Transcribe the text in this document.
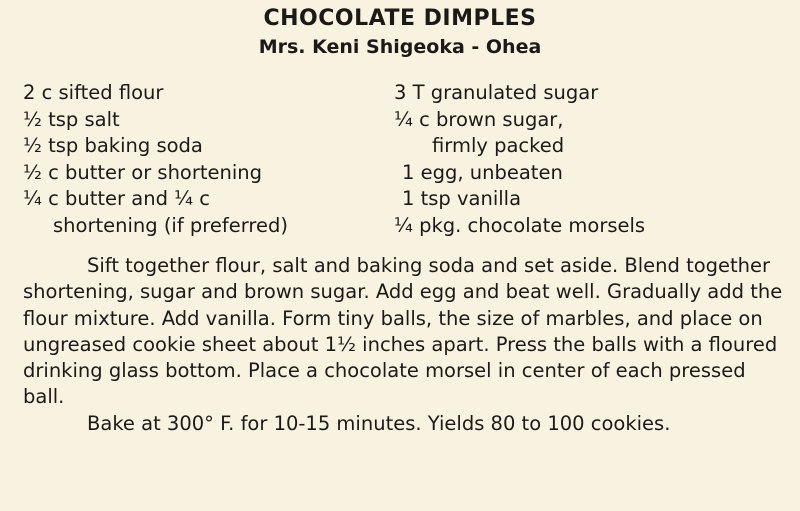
CHOCOLATE DIMPLES
Mrs. Keni Shigeoka - Ohea
2 c sifted flour
½ tsp salt
½ tsp baking soda
½ c butter or shortening
¼ c butter and ¼ c
shortening (if preferred)
3 T granulated sugar
¼ c brown sugar,
firmly packed
1 egg, unbeaten
1 tsp vanilla
¼ pkg. chocolate morsels

Sift together flour, salt and baking soda and set aside. Blend together shortening, sugar and brown sugar. Add egg and beat well. Gradually add the flour mixture. Add vanilla. Form tiny balls, the size of marbles, and place on ungreased cookie sheet about 1½ inches apart. Press the balls with a floured drinking glass bottom. Place a chocolate morsel in center of each pressed ball.

Bake at 300° F. for 10-15 minutes. Yields 80 to 100 cookies.
